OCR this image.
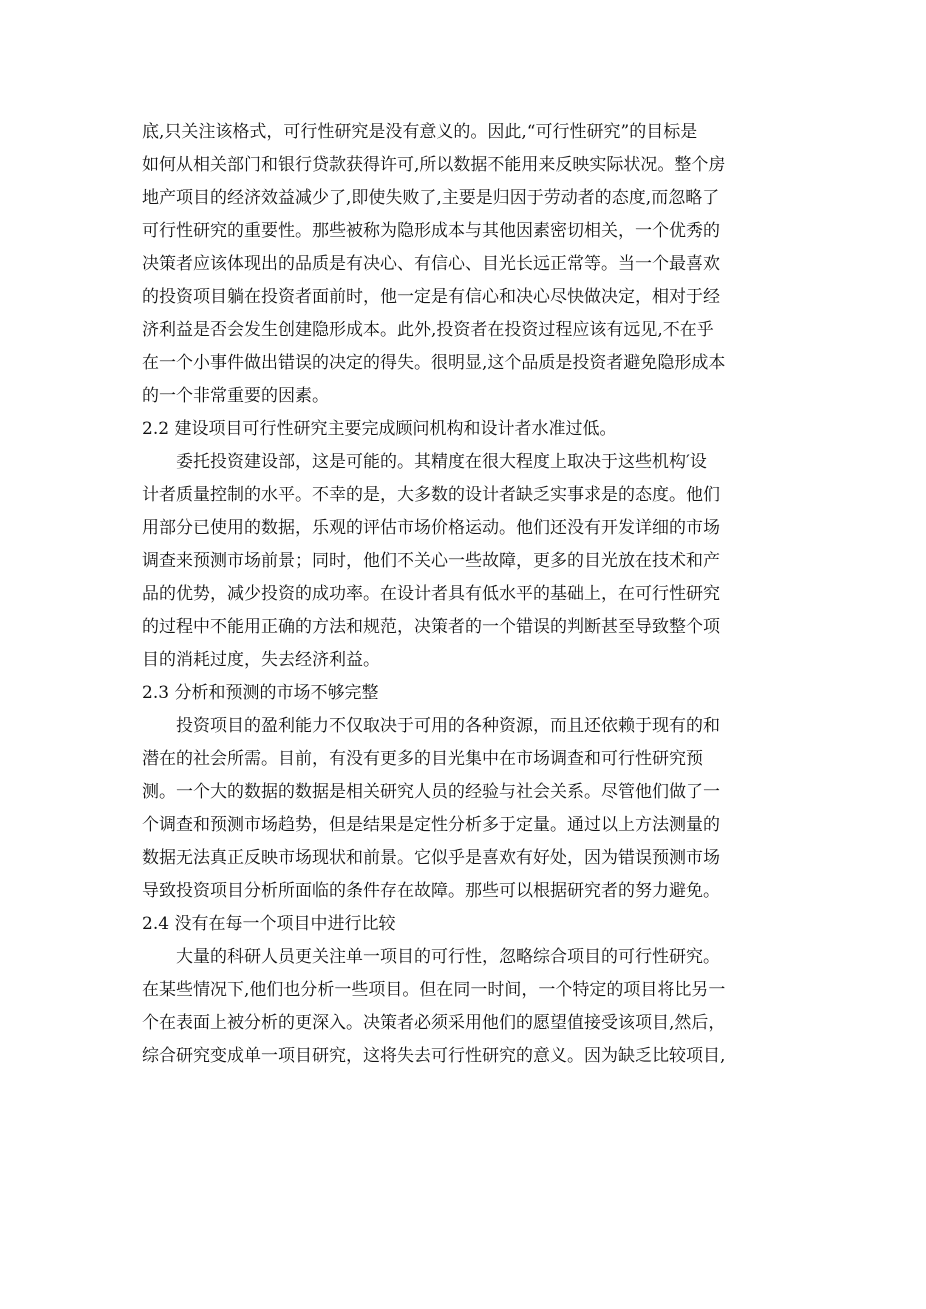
底,只关注该格式，可行性研究是没有意义的。因此,“可行性研究”的目标是
如何从相关部门和银行贷款获得许可,所以数据不能用来反映实际状况。整个房
地产项目的经济效益减少了,即使失败了,主要是归因于劳动者的态度,而忽略了
可行性研究的重要性。那些被称为隐形成本与其他因素密切相关，一个优秀的
决策者应该体现出的品质是有决心、有信心、目光长远正常等。当一个最喜欢
的投资项目躺在投资者面前时，他一定是有信心和决心尽快做决定，相对于经
济利益是否会发生创建隐形成本。此外,投资者在投资过程应该有远见,不在乎
在一个小事件做出错误的决定的得失。很明显,这个品质是投资者避免隐形成本
的一个非常重要的因素。
2.2 建设项目可行性研究主要完成顾问机构和设计者水准过低。
委托投资建设部，这是可能的。其精度在很大程度上取决于这些机构′设
计者质量控制的水平。不幸的是，大多数的设计者缺乏实事求是的态度。他们
用部分已使用的数据，乐观的评估市场价格运动。他们还没有开发详细的市场
调查来预测市场前景；同时，他们不关心一些故障，更多的目光放在技术和产
品的优势，减少投资的成功率。在设计者具有低水平的基础上，在可行性研究
的过程中不能用正确的方法和规范，决策者的一个错误的判断甚至导致整个项
目的消耗过度，失去经济利益。
2.3 分析和预测的市场不够完整
投资项目的盈利能力不仅取决于可用的各种资源，而且还依赖于现有的和
潜在的社会所需。目前，有没有更多的目光集中在市场调查和可行性研究预
测。一个大的数据的数据是相关研究人员的经验与社会关系。尽管他们做了一
个调查和预测市场趋势，但是结果是定性分析多于定量。通过以上方法测量的
数据无法真正反映市场现状和前景。它似乎是喜欢有好处，因为错误预测市场
导致投资项目分析所面临的条件存在故障。那些可以根据研究者的努力避免。
2.4 没有在每一个项目中进行比较
大量的科研人员更关注单一项目的可行性，忽略综合项目的可行性研究。
在某些情况下,他们也分析一些项目。但在同一时间，一个特定的项目将比另一
个在表面上被分析的更深入。决策者必须采用他们的愿望值接受该项目,然后，
综合研究变成单一项目研究，这将失去可行性研究的意义。因为缺乏比较项目,
